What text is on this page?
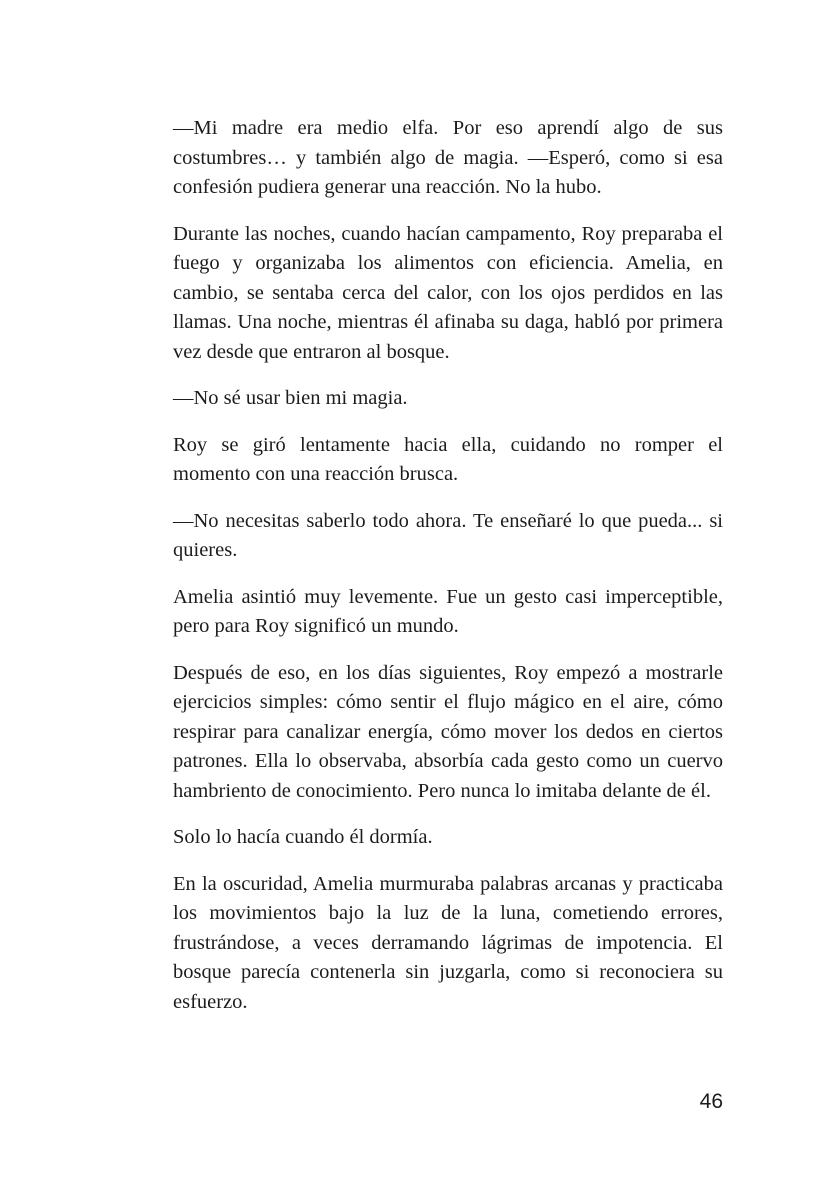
—Mi madre era medio elfa. Por eso aprendí algo de sus costumbres… y también algo de magia. —Esperó, como si esa confesión pudiera generar una reacción. No la hubo.

Durante las noches, cuando hacían campamento, Roy preparaba el fuego y organizaba los alimentos con eficiencia. Amelia, en cambio, se sentaba cerca del calor, con los ojos perdidos en las llamas. Una noche, mientras él afinaba su daga, habló por primera vez desde que entraron al bosque.

—No sé usar bien mi magia.

Roy se giró lentamente hacia ella, cuidando no romper el momento con una reacción brusca.

—No necesitas saberlo todo ahora. Te enseñaré lo que pueda... si quieres.

Amelia asintió muy levemente. Fue un gesto casi imperceptible, pero para Roy significó un mundo.

Después de eso, en los días siguientes, Roy empezó a mostrarle ejercicios simples: cómo sentir el flujo mágico en el aire, cómo respirar para canalizar energía, cómo mover los dedos en ciertos patrones. Ella lo observaba, absorbía cada gesto como un cuervo hambriento de conocimiento. Pero nunca lo imitaba delante de él.

Solo lo hacía cuando él dormía.

En la oscuridad, Amelia murmuraba palabras arcanas y practicaba los movimientos bajo la luz de la luna, cometiendo errores, frustrándose, a veces derramando lágrimas de impotencia. El bosque parecía contenerla sin juzgarla, como si reconociera su esfuerzo.

46
